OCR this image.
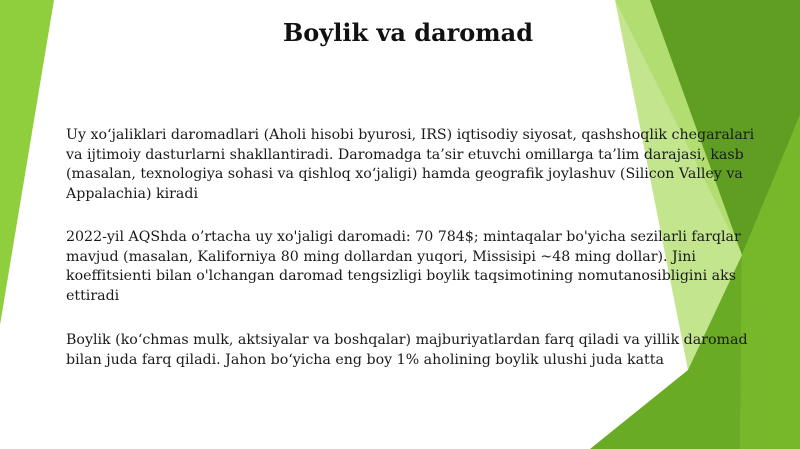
Boylik va daromad

Uy xo‘jaliklari daromadlari (Aholi hisobi byurosi, IRS) iqtisodiy siyosat, qashshoqlik chegaralari va ijtimoiy dasturlarni shakllantiradi. Daromadga ta’sir etuvchi omillarga ta’lim darajasi, kasb (masalan, texnologiya sohasi va qishloq xo‘jaligi) hamda geografik joylashuv (Silicon Valley va Appalachia) kiradi

2022-yil AQShda o’rtacha uy xo'jaligi daromadi: 70 784$; mintaqalar bo'yicha sezilarli farqlar mavjud (masalan, Kaliforniya 80 ming dollardan yuqori, Missisipi ~48 ming dollar). Jini koeffitsienti bilan o'lchangan daromad tengsizligi boylik taqsimotining nomutanosibligini aks ettiradi

Boylik (ko‘chmas mulk, aktsiyalar va boshqalar) majburiyatlardan farq qiladi va yillik daromad bilan juda farq qiladi. Jahon bo‘yicha eng boy 1% aholining boylik ulushi juda katta
